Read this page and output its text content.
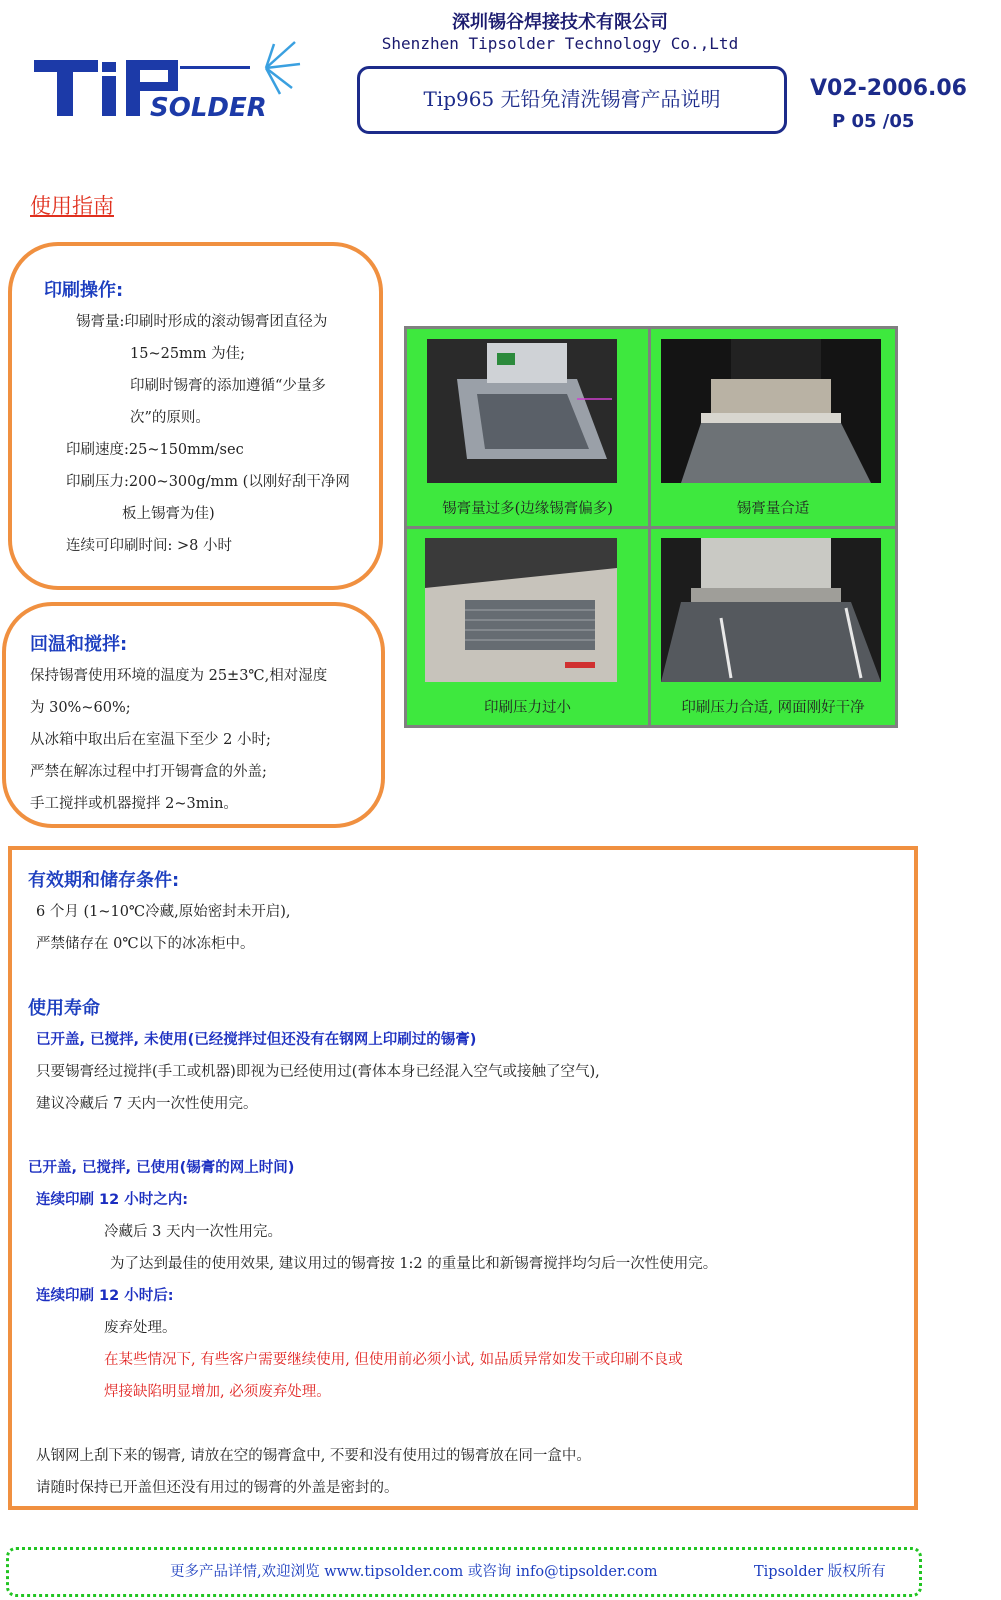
深圳锡谷焊接技术有限公司
Shenzhen Tipsolder Technology Co.,Ltd
SOLDER	Tip965 无铅免清洗锡膏产品说明	V02-2006.06
P 05 /05
使用指南
印刷操作:
锡膏量:印刷时形成的滚动锡膏团直径为
15~25mm 为佳;
印刷时锡膏的添加遵循“少量多
次”的原则。
印刷速度:25~150mm/sec
印刷压力:200~300g/mm (以刚好刮干净网
板上锡膏为佳)
连续可印刷时间: >8 小时
回温和搅拌:
保持锡膏使用环境的温度为 25±3℃,相对湿度
为 30%~60%;
从冰箱中取出后在室温下至少 2 小时;
严禁在解冻过程中打开锡膏盒的外盖;
手工搅拌或机器搅拌 2~3min。
锡膏量过多(边缘锡膏偏多)	锡膏量合适
印刷压力过小	印刷压力合适, 网面刚好干净
有效期和储存条件:
6 个月 (1~10℃冷藏,原始密封未开启),
严禁储存在 0℃以下的冰冻柜中。
使用寿命
已开盖, 已搅拌, 未使用(已经搅拌过但还没有在钢网上印刷过的锡膏)
只要锡膏经过搅拌(手工或机器)即视为已经使用过(膏体本身已经混入空气或接触了空气),
建议冷藏后 7 天内一次性使用完。
已开盖, 已搅拌, 已使用(锡膏的网上时间)
连续印刷 12 小时之内:
冷藏后 3 天内一次性用完。
为了达到最佳的使用效果, 建议用过的锡膏按 1:2 的重量比和新锡膏搅拌均匀后一次性使用完。
连续印刷 12 小时后:
废弃处理。
在某些情况下, 有些客户需要继续使用, 但使用前必须小试, 如品质异常如发干或印刷不良或
焊接缺陷明显增加, 必须废弃处理。
从钢网上刮下来的锡膏, 请放在空的锡膏盒中, 不要和没有使用过的锡膏放在同一盒中。
请随时保持已开盖但还没有用过的锡膏的外盖是密封的。
更多产品详情,欢迎浏览 www.tipsolder.com 或咨询 info@tipsolder.com	Tipsolder 版权所有
